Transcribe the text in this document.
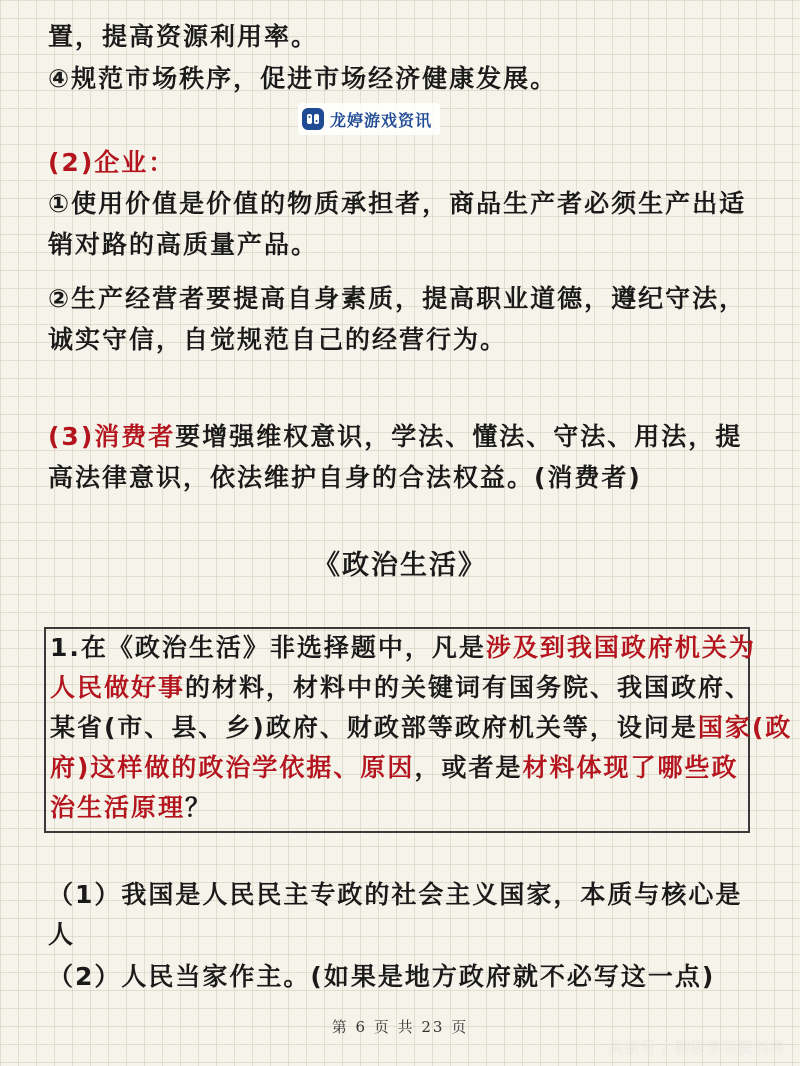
置，提高资源利用率。
④规范市场秩序，促进市场经济健康发展。
龙婷游戏资讯
(2)企业：
①使用价值是价值的物质承担者，商品生产者必须生产出适
销对路的高质量产品。
②生产经营者要提高自身素质，提高职业道德，遵纪守法，
诚实守信，自觉规范自己的经营行为。
(3)消费者要增强维权意识，学法、懂法、守法、用法，提
高法律意识，依法维护自身的合法权益。(消费者)
《政治生活》
1.在《政治生活》非选择题中，凡是涉及到我国政府机关为
人民做好事的材料，材料中的关键词有国务院、我国政府、
某省(市、县、乡)政府、财政部等政府机关等，设问是国家(政
府)这样做的政治学依据、原因，或者是材料体现了哪些政
治生活原理？
（1）我国是人民民主专政的社会主义国家，本质与核心是
人
（2）人民当家作主。(如果是地方政府就不必写这一点)
第 6 页 共 23 页
头条号 / 初级学习资料库
